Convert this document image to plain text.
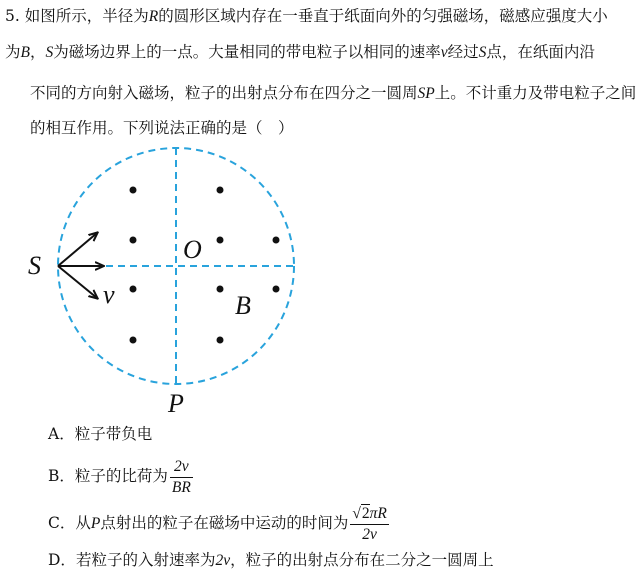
5. 如图所示，半径为R的圆形区域内存在一垂直于纸面向外的匀强磁场，磁感应强度大小
为B，S为磁场边界上的一点。大量相同的带电粒子以相同的速率v经过S点，在纸面内沿
不同的方向射入磁场，粒子的出射点分布在四分之一圆周SP上。不计重力及带电粒子之间
的相互作用。下列说法正确的是（　）
S
O
v	B
P
A．粒子带负电
B．粒子的比荷为 $\frac{2v}{BR}$
C．从P点射出的粒子在磁场中运动的时间为 $\frac{√2\pi R}{2v}$
D．若粒子的入射速率为2v，粒子的出射点分布在二分之一圆周上
